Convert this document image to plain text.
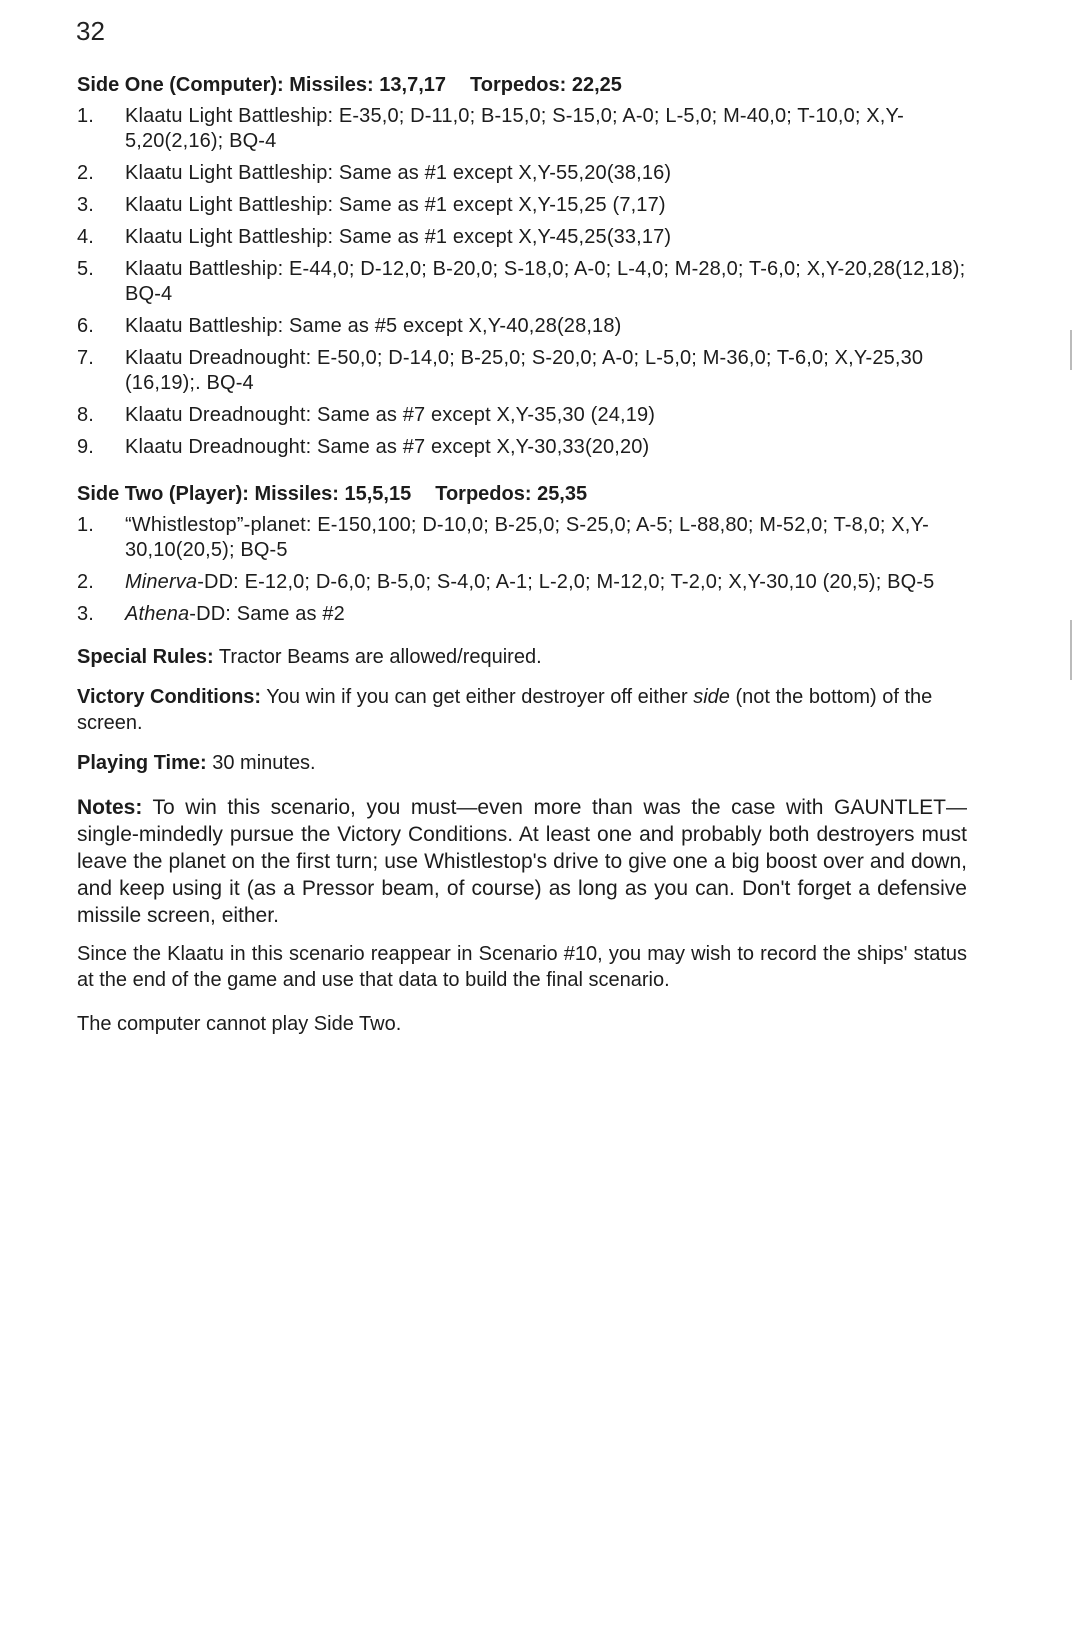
32
Side One (Computer): Missiles: 13,7,17 Torpedos: 22,25
1. Klaatu Light Battleship: E-35,0; D-11,0; B-15,0; S-15,0; A-0; L-5,0; M-40,0; T-10,0; X,Y-5,20(2,16); BQ-4
2. Klaatu Light Battleship: Same as #1 except X,Y-55,20(38,16)
3. Klaatu Light Battleship: Same as #1 except X,Y-15,25 (7,17)
4. Klaatu Light Battleship: Same as #1 except X,Y-45,25(33,17)
5. Klaatu Battleship: E-44,0; D-12,0; B-20,0; S-18,0; A-0; L-4,0; M-28,0; T-6,0; X,Y-20,28(12,18); BQ-4
6. Klaatu Battleship: Same as #5 except X,Y-40,28(28,18)
7. Klaatu Dreadnought: E-50,0; D-14,0; B-25,0; S-20,0; A-0; L-5,0; M-36,0; T-6,0; X,Y-25,30 (16,19);. BQ-4
8. Klaatu Dreadnought: Same as #7 except X,Y-35,30 (24,19)
9. Klaatu Dreadnought: Same as #7 except X,Y-30,33(20,20)
Side Two (Player): Missiles: 15,5,15 Torpedos: 25,35
1. “Whistlestop”-planet: E-150,100; D-10,0; B-25,0; S-25,0; A-5; L-88,80; M-52,0; T-8,0; X,Y-30,10(20,5); BQ-5
2. Minerva-DD: E-12,0; D-6,0; B-5,0; S-4,0; A-1; L-2,0; M-12,0; T-2,0; X,Y-30,10 (20,5); BQ-5
3. Athena-DD: Same as #2

Special Rules: Tractor Beams are allowed/required.

Victory Conditions: You win if you can get either destroyer off either side (not the bottom) of the screen.

Playing Time: 30 minutes.

Notes: To win this scenario, you must—even more than was the case with GAUNTLET—single-mindedly pursue the Victory Conditions. At least one and probably both destroyers must leave the planet on the first turn; use Whistlestop's drive to give one a big boost over and down, and keep using it (as a Pressor beam, of course) as long as you can. Don't forget a defensive missile screen, either.

Since the Klaatu in this scenario reappear in Scenario #10, you may wish to record the ships' status at the end of the game and use that data to build the final scenario.

The computer cannot play Side Two.
